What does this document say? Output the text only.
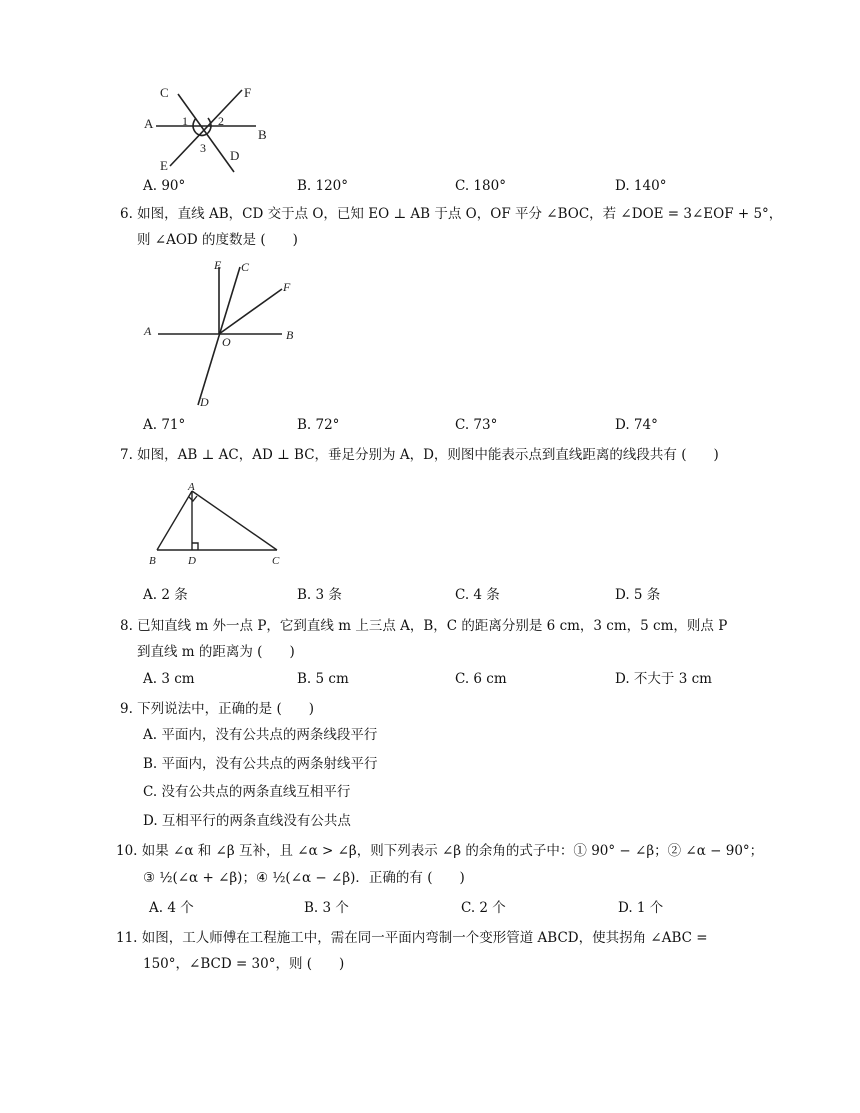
A
B
C
D
E
F
1	2
3
A. 90°	B. 120°	C. 180°	D. 140°
6. 如图，直线 AB，CD 交于点 O，已知 EO ⊥ AB 于点 O，OF 平分 ∠BOC，若 ∠DOE = 3∠EOF + 5°，
则 ∠AOD 的度数是 (　　)
E C
F
A
O	B
D
A. 71°	B. 72°	C. 73°	D. 74°
7. 如图，AB ⊥ AC，AD ⊥ BC，垂足分别为 A，D，则图中能表示点到直线距离的线段共有 (　　)
A
B	D	C
A. 2 条	B. 3 条	C. 4 条	D. 5 条
8. 已知直线 m 外一点 P，它到直线 m 上三点 A，B，C 的距离分别是 6 cm，3 cm，5 cm，则点 P
到直线 m 的距离为 (　　)
A. 3 cm	B. 5 cm	C. 6 cm	D. 不大于 3 cm
9. 下列说法中，正确的是 (　　)
A. 平面内，没有公共点的两条线段平行
B. 平面内，没有公共点的两条射线平行
C. 没有公共点的两条直线互相平行
D. 互相平行的两条直线没有公共点
10. 如果 ∠α 和 ∠β 互补，且 ∠α > ∠β，则下列表示 ∠β 的余角的式子中：① 90° − ∠β；② ∠α − 90°；
③ ½(∠α + ∠β)；④ ½(∠α − ∠β)．正确的有 (　　)
A. 4 个	B. 3 个	C. 2 个	D. 1 个
11. 如图，工人师傅在工程施工中，需在同一平面内弯制一个变形管道 ABCD，使其拐角 ∠ABC =
150°，∠BCD = 30°，则 (　　)
